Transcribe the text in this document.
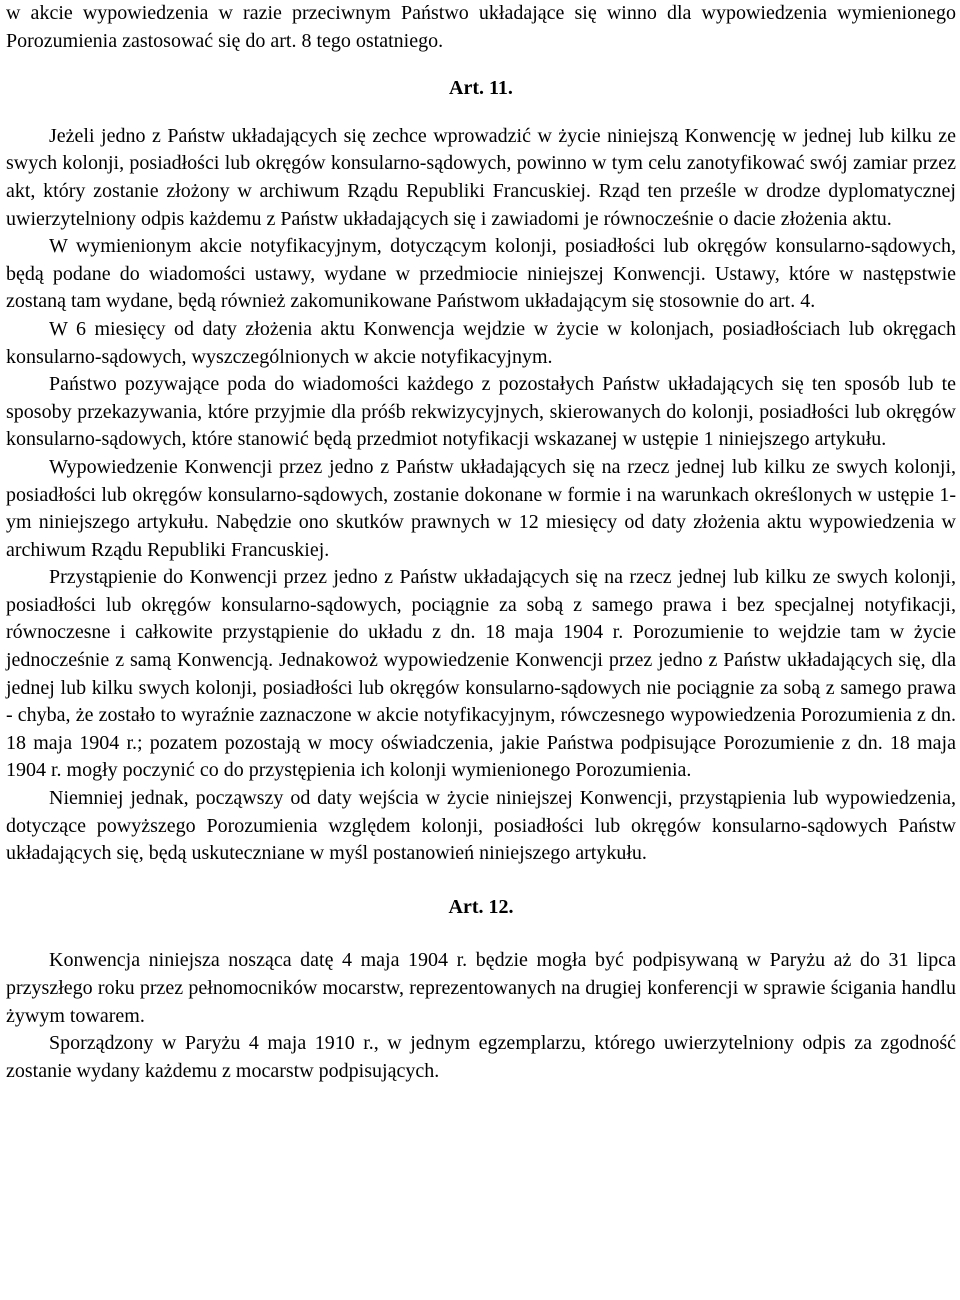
w akcie wypowiedzenia w razie przeciwnym Państwo układające się winno dla wypowiedzenia wymienionego Porozumienia zastosować się do art. 8 tego ostatniego.

Art. 11.

Jeżeli jedno z Państw układających się zechce wprowadzić w życie niniejszą Konwencję w jednej lub kilku ze swych kolonji, posiadłości lub okręgów konsularno-sądowych, powinno w tym celu zanotyfikować swój zamiar przez akt, który zostanie złożony w archiwum Rządu Republiki Francuskiej. Rząd ten prześle w drodze dyplomatycznej uwierzytelniony odpis każdemu z Państw układających się i zawiadomi je równocześnie o dacie złożenia aktu.

W wymienionym akcie notyfikacyjnym, dotyczącym kolonji, posiadłości lub okręgów konsularno-sądowych, będą podane do wiadomości ustawy, wydane w przedmiocie niniejszej Konwencji. Ustawy, które w następstwie zostaną tam wydane, będą również zakomunikowane Państwom układającym się stosownie do art. 4.

W 6 miesięcy od daty złożenia aktu Konwencja wejdzie w życie w kolonjach, posiadłościach lub okręgach konsularno-sądowych, wyszczególnionych w akcie notyfikacyjnym.

Państwo pozywające poda do wiadomości każdego z pozostałych Państw układających się ten sposób lub te sposoby przekazywania, które przyjmie dla próśb rekwizycyjnych, skierowanych do kolonji, posiadłości lub okręgów konsularno-sądowych, które stanowić będą przedmiot notyfikacji wskazanej w ustępie 1 niniejszego artykułu.

Wypowiedzenie Konwencji przez jedno z Państw układających się na rzecz jednej lub kilku ze swych kolonji, posiadłości lub okręgów konsularno-sądowych, zostanie dokonane w formie i na warunkach określonych w ustępie 1-ym niniejszego artykułu. Nabędzie ono skutków prawnych w 12 miesięcy od daty złożenia aktu wypowiedzenia w archiwum Rządu Republiki Francuskiej.

Przystąpienie do Konwencji przez jedno z Państw układających się na rzecz jednej lub kilku ze swych kolonji, posiadłości lub okręgów konsularno-sądowych, pociągnie za sobą z samego prawa i bez specjalnej notyfikacji, równoczesne i całkowite przystąpienie do układu z dn. 18 maja 1904 r. Porozumienie to wejdzie tam w życie jednocześnie z samą Konwencją. Jednakowoż wypowiedzenie Konwencji przez jedno z Państw układających się, dla jednej lub kilku swych kolonji, posiadłości lub okręgów konsularno-sądowych nie pociągnie za sobą z samego prawa - chyba, że zostało to wyraźnie zaznaczone w akcie notyfikacyjnym, rówczesnego wypowiedzenia Porozumienia z dn. 18 maja 1904 r.; pozatem pozostają w mocy oświadczenia, jakie Państwa podpisujące Porozumienie z dn. 18 maja 1904 r. mogły poczynić co do przystępienia ich kolonji wymienionego Porozumienia.

Niemniej jednak, począwszy od daty wejścia w życie niniejszej Konwencji, przystąpienia lub wypowiedzenia, dotyczące powyższego Porozumienia względem kolonji, posiadłości lub okręgów konsularno-sądowych Państw układających się, będą uskuteczniane w myśl postanowień niniejszego artykułu.

Art. 12.

Konwencja niniejsza nosząca datę 4 maja 1904 r. będzie mogła być podpisywaną w Paryżu aż do 31 lipca przyszłego roku przez pełnomocników mocarstw, reprezentowanych na drugiej konferencji w sprawie ścigania handlu żywym towarem.

Sporządzony w Paryżu 4 maja 1910 r., w jednym egzemplarzu, którego uwierzytelniony odpis za zgodność zostanie wydany każdemu z mocarstw podpisujących.
